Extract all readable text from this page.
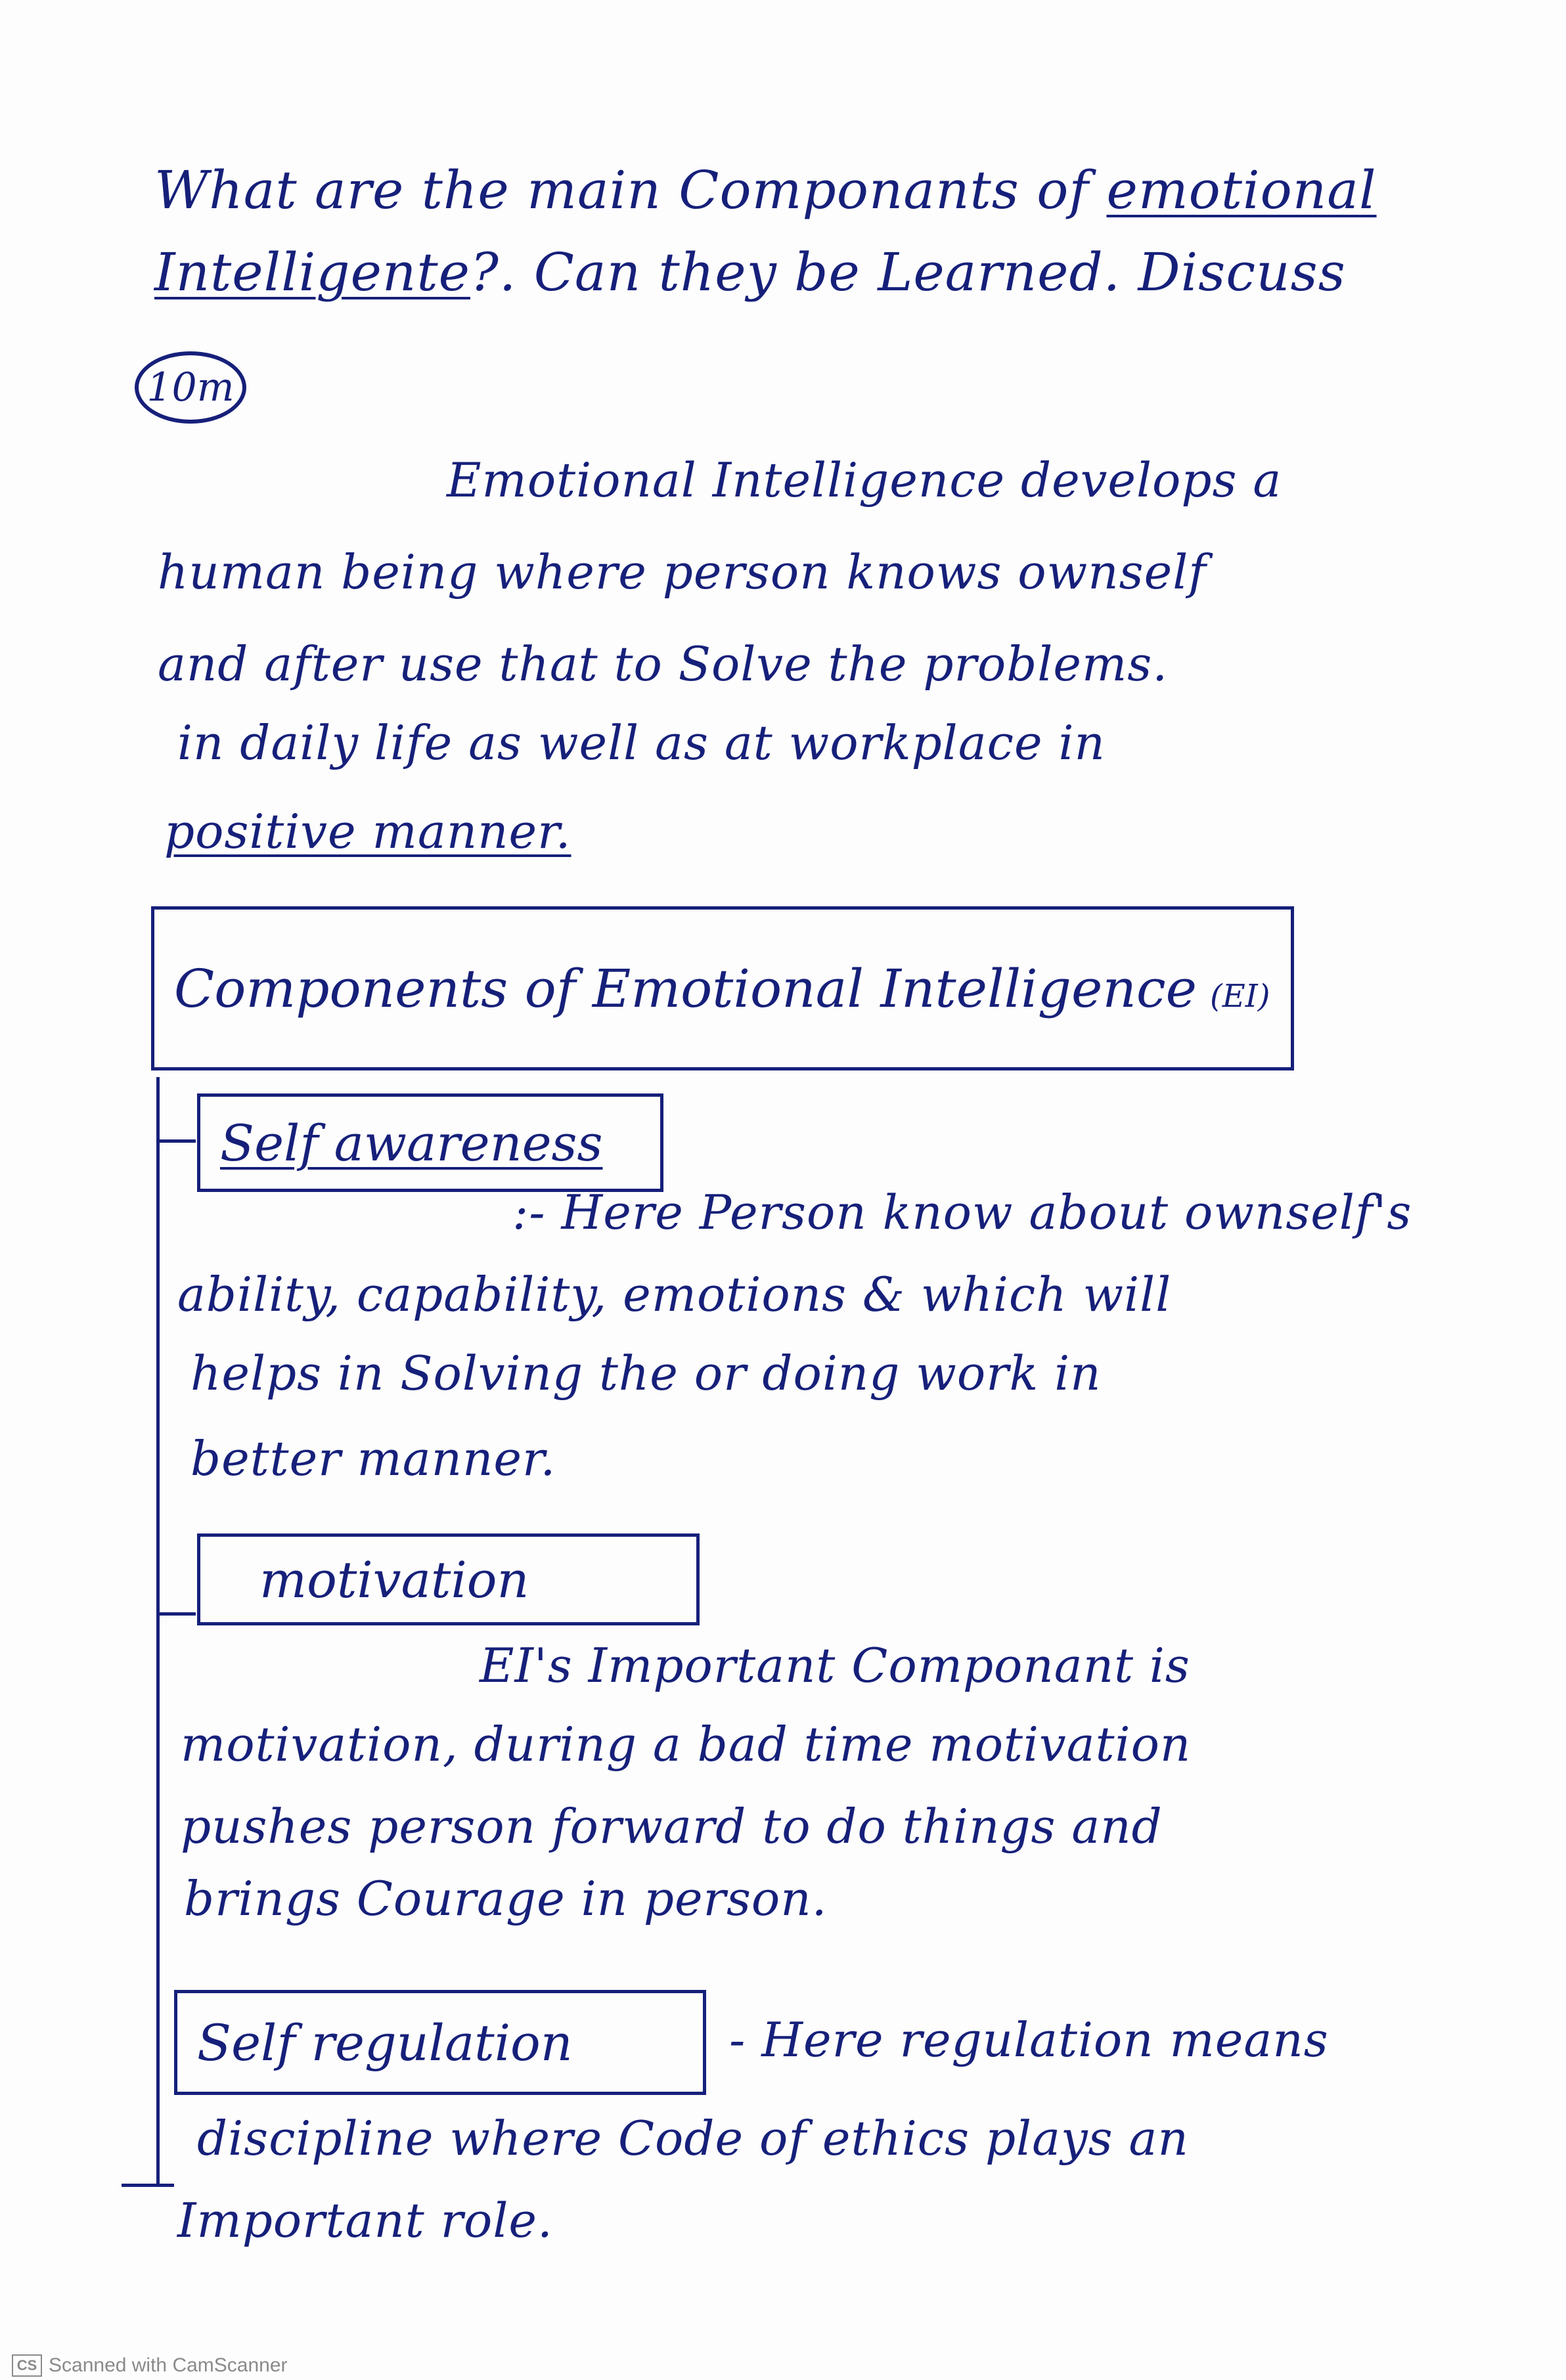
What are the main Componants of emotional
Intelligente?. Can they be Learned. Discuss
10m
Emotional Intelligence develops a
human being where person knows ownself
and after use that to Solve the problems.
in daily life as well as at workplace in
positive manner.
Components of Emotional Intelligence (EI)
Self awareness
:- Here Person know about ownself's
ability, capability, emotions & which will
helps in Solving the or doing work in
better manner.
motivation
EI's Important Componant is
motivation, during a bad time motivation
pushes person forward to do things and
brings Courage in person.
Self regulation	- Here regulation means
discipline where Code of ethics plays an
Important role.
CS Scanned with CamScanner
